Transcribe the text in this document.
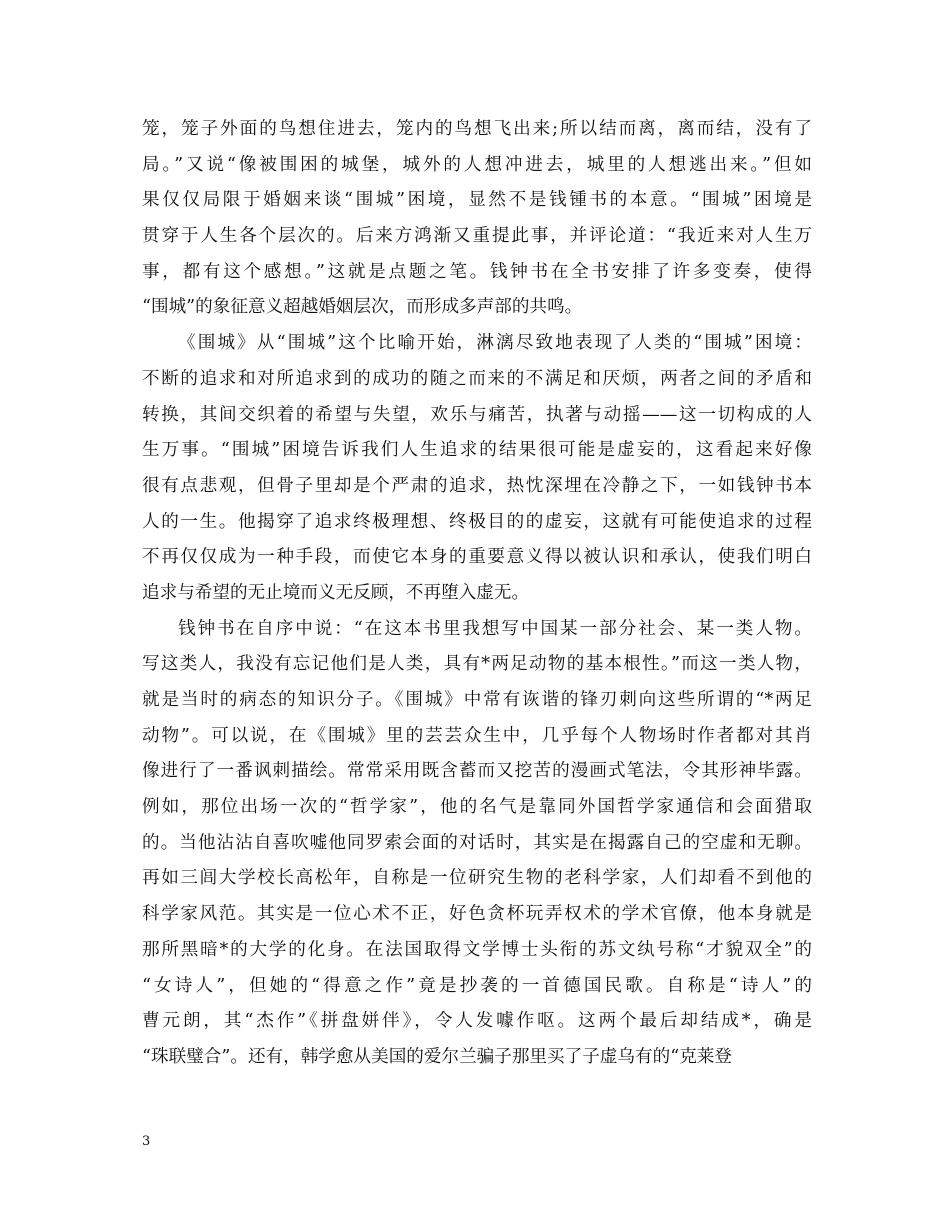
笼，笼子外面的鸟想住进去，笼内的鸟想飞出来;所以结而离，离而结，没有了
局。”又说“像被围困的城堡，城外的人想冲进去，城里的人想逃出来。”但如
果仅仅局限于婚姻来谈“围城”困境，显然不是钱锺书的本意。“围城”困境是
贯穿于人生各个层次的。后来方鸿渐又重提此事，并评论道：“我近来对人生万
事，都有这个感想。”这就是点题之笔。钱钟书在全书安排了许多变奏，使得
“围城”的象征意义超越婚姻层次，而形成多声部的共鸣。
《围城》从“围城”这个比喻开始，淋漓尽致地表现了人类的“围城”困境：
不断的追求和对所追求到的成功的随之而来的不满足和厌烦，两者之间的矛盾和
转换，其间交织着的希望与失望，欢乐与痛苦，执著与动摇——这一切构成的人
生万事。“围城”困境告诉我们人生追求的结果很可能是虚妄的，这看起来好像
很有点悲观，但骨子里却是个严肃的追求，热忱深埋在冷静之下，一如钱钟书本
人的一生。他揭穿了追求终极理想、终极目的的虚妄，这就有可能使追求的过程
不再仅仅成为一种手段，而使它本身的重要意义得以被认识和承认，使我们明白
追求与希望的无止境而义无反顾，不再堕入虚无。
钱钟书在自序中说：“在这本书里我想写中国某一部分社会、某一类人物。
写这类人，我没有忘记他们是人类，具有*两足动物的基本根性。”而这一类人物，
就是当时的病态的知识分子。《围城》中常有诙谐的锋刃刺向这些所谓的“*两足
动物”。可以说，在《围城》里的芸芸众生中，几乎每个人物场时作者都对其肖
像进行了一番讽刺描绘。常常采用既含蓄而又挖苦的漫画式笔法，令其形神毕露。
例如，那位出场一次的“哲学家”，他的名气是靠同外国哲学家通信和会面猎取
的。当他沾沾自喜吹嘘他同罗索会面的对话时，其实是在揭露自己的空虚和无聊。
再如三闾大学校长高松年，自称是一位研究生物的老科学家，人们却看不到他的
科学家风范。其实是一位心术不正，好色贪杯玩弄权术的学术官僚，他本身就是
那所黑暗*的大学的化身。在法国取得文学博士头衔的苏文纨号称“才貌双全”的
“女诗人”，但她的“得意之作”竟是抄袭的一首德国民歌。自称是“诗人”的
曹元朗，其“杰作”《拼盘姘伴》，令人发噱作呕。这两个最后却结成*，确是
“珠联璧合”。还有，韩学愈从美国的爱尔兰骗子那里买了子虚乌有的“克莱登
3
